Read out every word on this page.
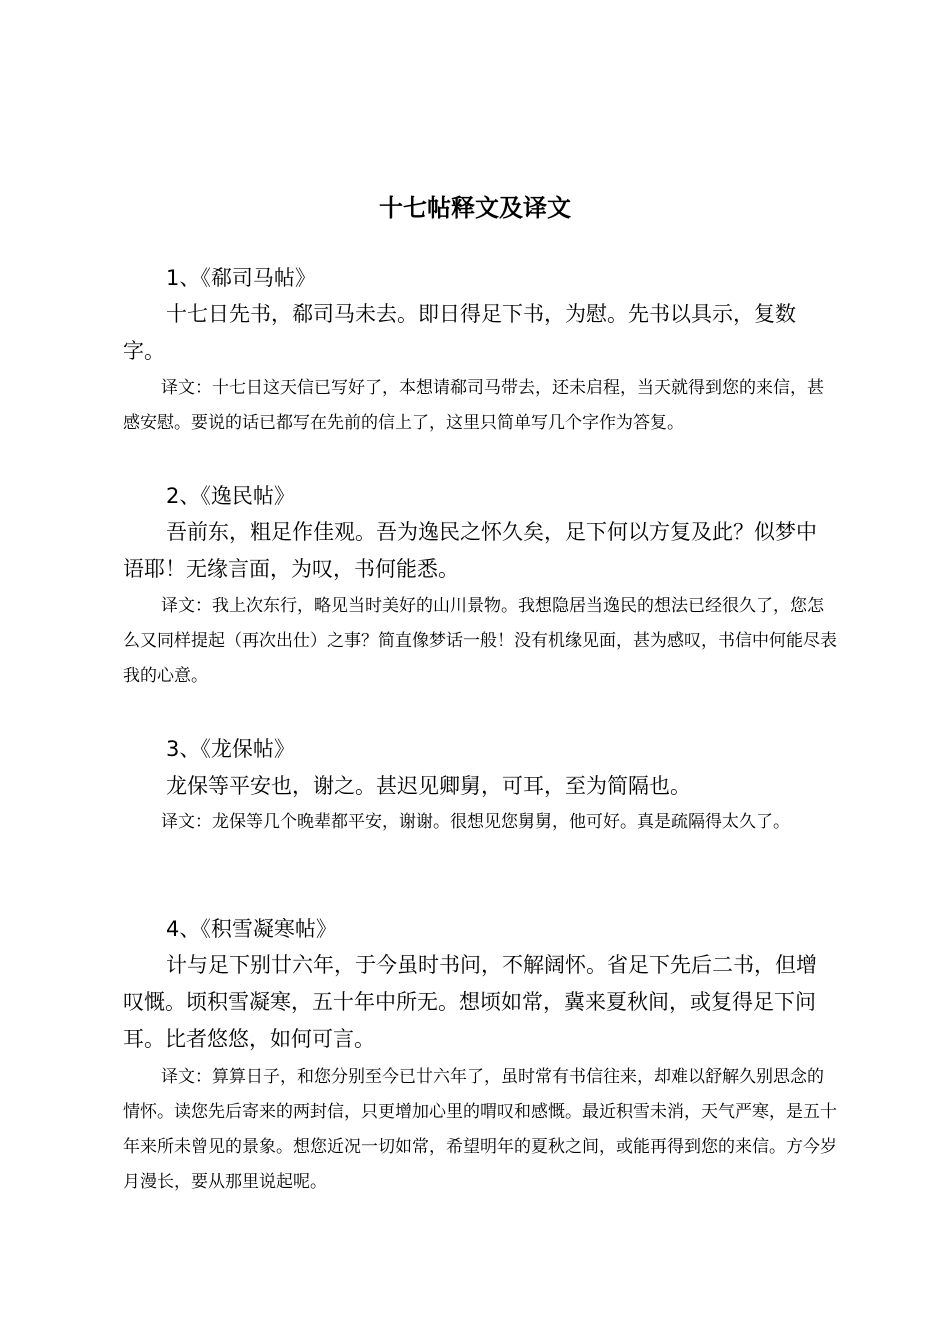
十七帖释文及译文
1、《郗司马帖》
十七日先书，郗司马未去。即日得足下书，为慰。先书以具示，复数字。
译文：十七日这天信已写好了，本想请郗司马带去，还未启程，当天就得到您的来信，甚感安慰。要说的话已都写在先前的信上了，这里只简单写几个字作为答复。
2、《逸民帖》
吾前东，粗足作佳观。吾为逸民之怀久矣，足下何以方复及此？似梦中语耶！无缘言面，为叹，书何能悉。
译文：我上次东行，略见当时美好的山川景物。我想隐居当逸民的想法已经很久了，您怎么又同样提起（再次出仕）之事？简直像梦话一般！没有机缘见面，甚为感叹，书信中何能尽表我的心意。
3、《龙保帖》
龙保等平安也，谢之。甚迟见卿舅，可耳，至为简隔也。
译文：龙保等几个晚辈都平安，谢谢。很想见您舅舅，他可好。真是疏隔得太久了。
4、《积雪凝寒帖》
计与足下别廿六年，于今虽时书问，不解阔怀。省足下先后二书，但增叹慨。顷积雪凝寒，五十年中所无。想顷如常，冀来夏秋间，或复得足下问耳。比者悠悠，如何可言。
译文：算算日子，和您分别至今已廿六年了，虽时常有书信往来，却难以舒解久别思念的情怀。读您先后寄来的两封信，只更增加心里的喟叹和感慨。最近积雪未消，天气严寒，是五十年来所未曾见的景象。想您近况一切如常，希望明年的夏秋之间，或能再得到您的来信。方今岁月漫长，要从那里说起呢。
